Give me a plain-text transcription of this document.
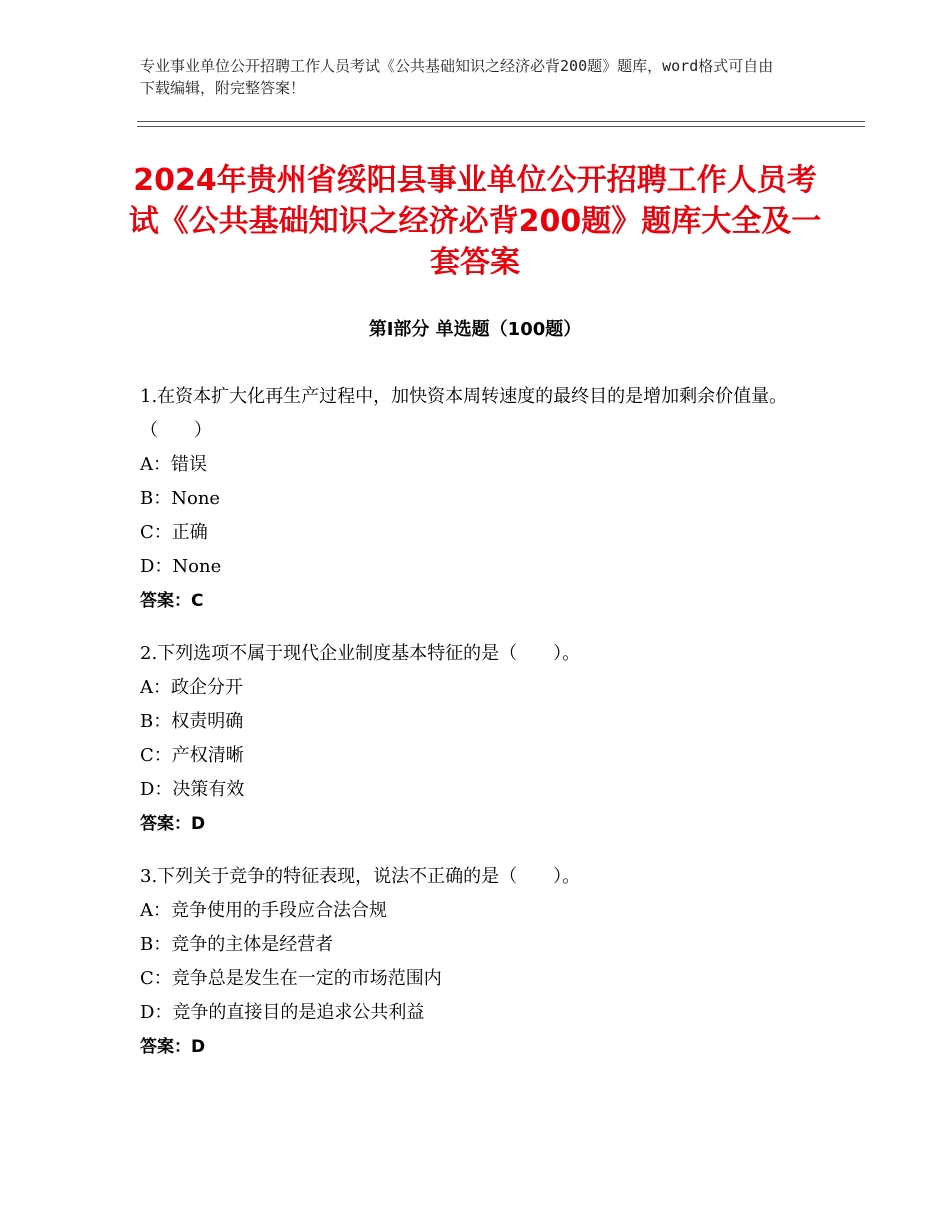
专业事业单位公开招聘工作人员考试《公共基础知识之经济必背200题》题库，word格式可自由下载编辑，附完整答案！
2024年贵州省绥阳县事业单位公开招聘工作人员考试《公共基础知识之经济必背200题》题库大全及一套答案
第Ⅰ部分 单选题（100题）
1.在资本扩大化再生产过程中，加快资本周转速度的最终目的是增加剩余价值量。（　　）
A：错误
B：None
C：正确
D：None
答案：C
2.下列选项不属于现代企业制度基本特征的是（　　）。
A：政企分开
B：权责明确
C：产权清晰
D：决策有效
答案：D
3.下列关于竞争的特征表现，说法不正确的是（　　）。
A：竞争使用的手段应合法合规
B：竞争的主体是经营者
C：竞争总是发生在一定的市场范围内
D：竞争的直接目的是追求公共利益
答案：D
